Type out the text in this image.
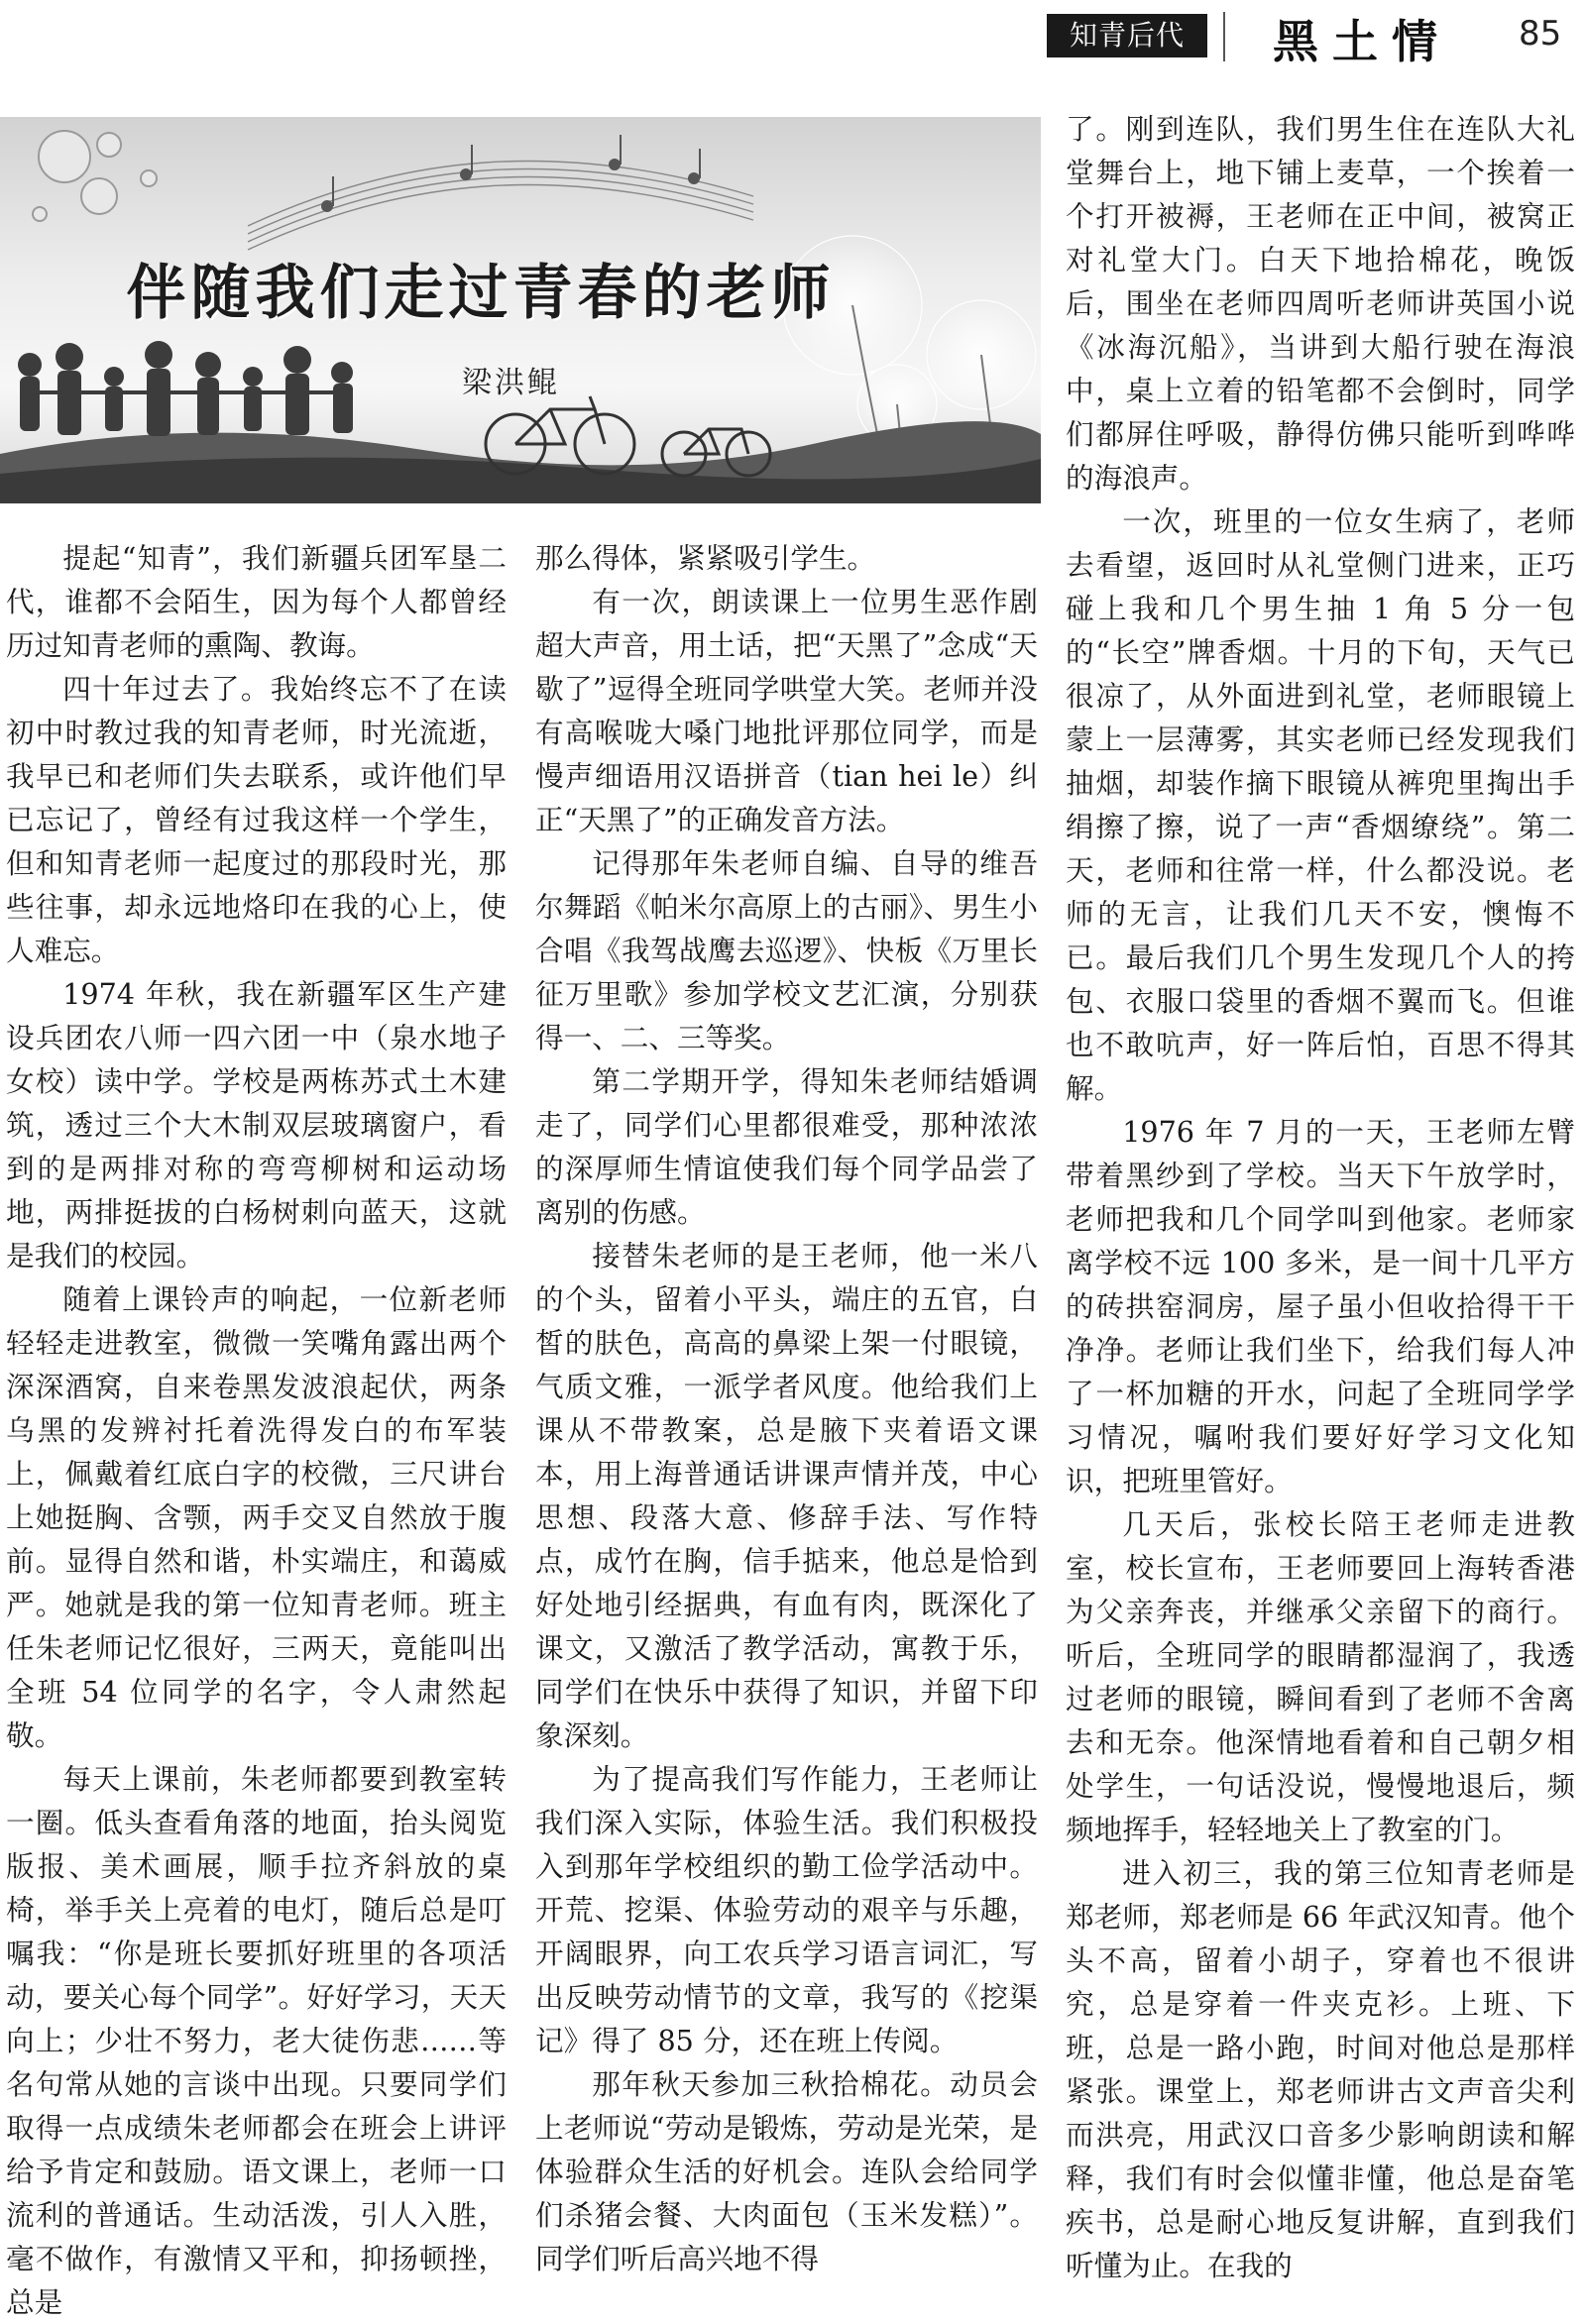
知青后代	黑土情 85
伴随我们走过青春的老师
梁洪鲲

提起“知青”，我们新疆兵团军垦二代，谁都不会陌生，因为每个人都曾经历过知青老师的熏陶、教诲。

四十年过去了。我始终忘不了在读初中时教过我的知青老师，时光流逝，我早已和老师们失去联系，或许他们早已忘记了，曾经有过我这样一个学生，但和知青老师一起度过的那段时光，那些往事，却永远地烙印在我的心上，使人难忘。

1974 年秋，我在新疆军区生产建设兵团农八师一四六团一中（泉水地子女校）读中学。学校是两栋苏式土木建筑，透过三个大木制双层玻璃窗户，看到的是两排对称的弯弯柳树和运动场地，两排挺拔的白杨树刺向蓝天，这就是我们的校园。

随着上课铃声的响起，一位新老师轻轻走进教室，微微一笑嘴角露出两个深深酒窝，自来卷黑发波浪起伏，两条乌黑的发辨衬托着洗得发白的布军装上，佩戴着红底白字的校微，三尺讲台上她挺胸、含颚，两手交叉自然放于腹前。显得自然和谐，朴实端庄，和蔼威严。她就是我的第一位知青老师。班主任朱老师记忆很好，三两天，竟能叫出全班 54 位同学的名字，令人肃然起敬。

每天上课前，朱老师都要到教室转一圈。低头查看角落的地面，抬头阅览版报、美术画展，顺手拉齐斜放的桌椅，举手关上亮着的电灯，随后总是叮嘱我：“你是班长要抓好班里的各项活动，要关心每个同学”。好好学习，天天向上；少壮不努力，老大徒伤悲……等名句常从她的言谈中出现。只要同学们取得一点成绩朱老师都会在班会上讲评给予肯定和鼓励。语文课上，老师一口流利的普通话。生动活泼，引人入胜，毫不做作，有激情又平和，抑扬顿挫，总是

那么得体，紧紧吸引学生。

有一次，朗读课上一位男生恶作剧超大声音，用土话，把“天黑了”念成“天歇了”逗得全班同学哄堂大笑。老师并没有高喉咙大嗓门地批评那位同学，而是慢声细语用汉语拼音（tian hei le）纠正“天黑了”的正确发音方法。

记得那年朱老师自编、自导的维吾尔舞蹈《帕米尔高原上的古丽》、男生小合唱《我驾战鹰去巡逻》、快板《万里长征万里歌》参加学校文艺汇演，分别获得一、二、三等奖。

第二学期开学，得知朱老师结婚调走了，同学们心里都很难受，那种浓浓的深厚师生情谊使我们每个同学品尝了离别的伤感。

接替朱老师的是王老师，他一米八的个头，留着小平头，端庄的五官，白皙的肤色，高高的鼻梁上架一付眼镜，气质文雅，一派学者风度。他给我们上课从不带教案，总是腋下夹着语文课本，用上海普通话讲课声情并茂，中心思想、段落大意、修辞手法、写作特点，成竹在胸，信手掂来，他总是恰到好处地引经据典，有血有肉，既深化了课文，又激活了教学活动，寓教于乐，同学们在快乐中获得了知识，并留下印象深刻。

为了提高我们写作能力，王老师让我们深入实际，体验生活。我们积极投入到那年学校组织的勤工俭学活动中。开荒、挖渠、体验劳动的艰辛与乐趣，开阔眼界，向工农兵学习语言词汇，写出反映劳动情节的文章，我写的《挖渠记》得了 85 分，还在班上传阅。

那年秋天参加三秋拾棉花。动员会上老师说“劳动是锻炼，劳动是光荣，是体验群众生活的好机会。连队会给同学们杀猪会餐、大肉面包（玉米发糕）”。同学们听后高兴地不得

了。刚到连队，我们男生住在连队大礼堂舞台上，地下铺上麦草，一个挨着一个打开被褥，王老师在正中间，被窝正对礼堂大门。白天下地拾棉花，晚饭后，围坐在老师四周听老师讲英国小说《冰海沉船》，当讲到大船行驶在海浪中，桌上立着的铅笔都不会倒时，同学们都屏住呼吸，静得仿佛只能听到哗哗的海浪声。

一次，班里的一位女生病了，老师去看望，返回时从礼堂侧门进来，正巧碰上我和几个男生抽 1 角 5 分一包的“长空”牌香烟。十月的下旬，天气已很凉了，从外面进到礼堂，老师眼镜上蒙上一层薄雾，其实老师已经发现我们抽烟，却装作摘下眼镜从裤兜里掏出手绢擦了擦，说了一声“香烟缭绕”。第二天，老师和往常一样，什么都没说。老师的无言，让我们几天不安，懊悔不已。最后我们几个男生发现几个人的挎包、衣服口袋里的香烟不翼而飞。但谁也不敢吭声，好一阵后怕，百思不得其解。

1976 年 7 月的一天，王老师左臂带着黑纱到了学校。当天下午放学时，老师把我和几个同学叫到他家。老师家离学校不远 100 多米，是一间十几平方的砖拱窑洞房，屋子虽小但收拾得干干净净。老师让我们坐下，给我们每人冲了一杯加糖的开水，问起了全班同学学习情况，嘱咐我们要好好学习文化知识，把班里管好。

几天后，张校长陪王老师走进教室，校长宣布，王老师要回上海转香港为父亲奔丧，并继承父亲留下的商行。听后，全班同学的眼睛都湿润了，我透过老师的眼镜，瞬间看到了老师不舍离去和无奈。他深情地看着和自己朝夕相处学生，一句话没说，慢慢地退后，频频地挥手，轻轻地关上了教室的门。

进入初三，我的第三位知青老师是郑老师，郑老师是 66 年武汉知青。他个头不高，留着小胡子，穿着也不很讲究，总是穿着一件夹克衫。上班、下班，总是一路小跑，时间对他总是那样紧张。课堂上，郑老师讲古文声音尖利而洪亮，用武汉口音多少影响朗读和解释，我们有时会似懂非懂，他总是奋笔疾书，总是耐心地反复讲解，直到我们听懂为止。在我的
